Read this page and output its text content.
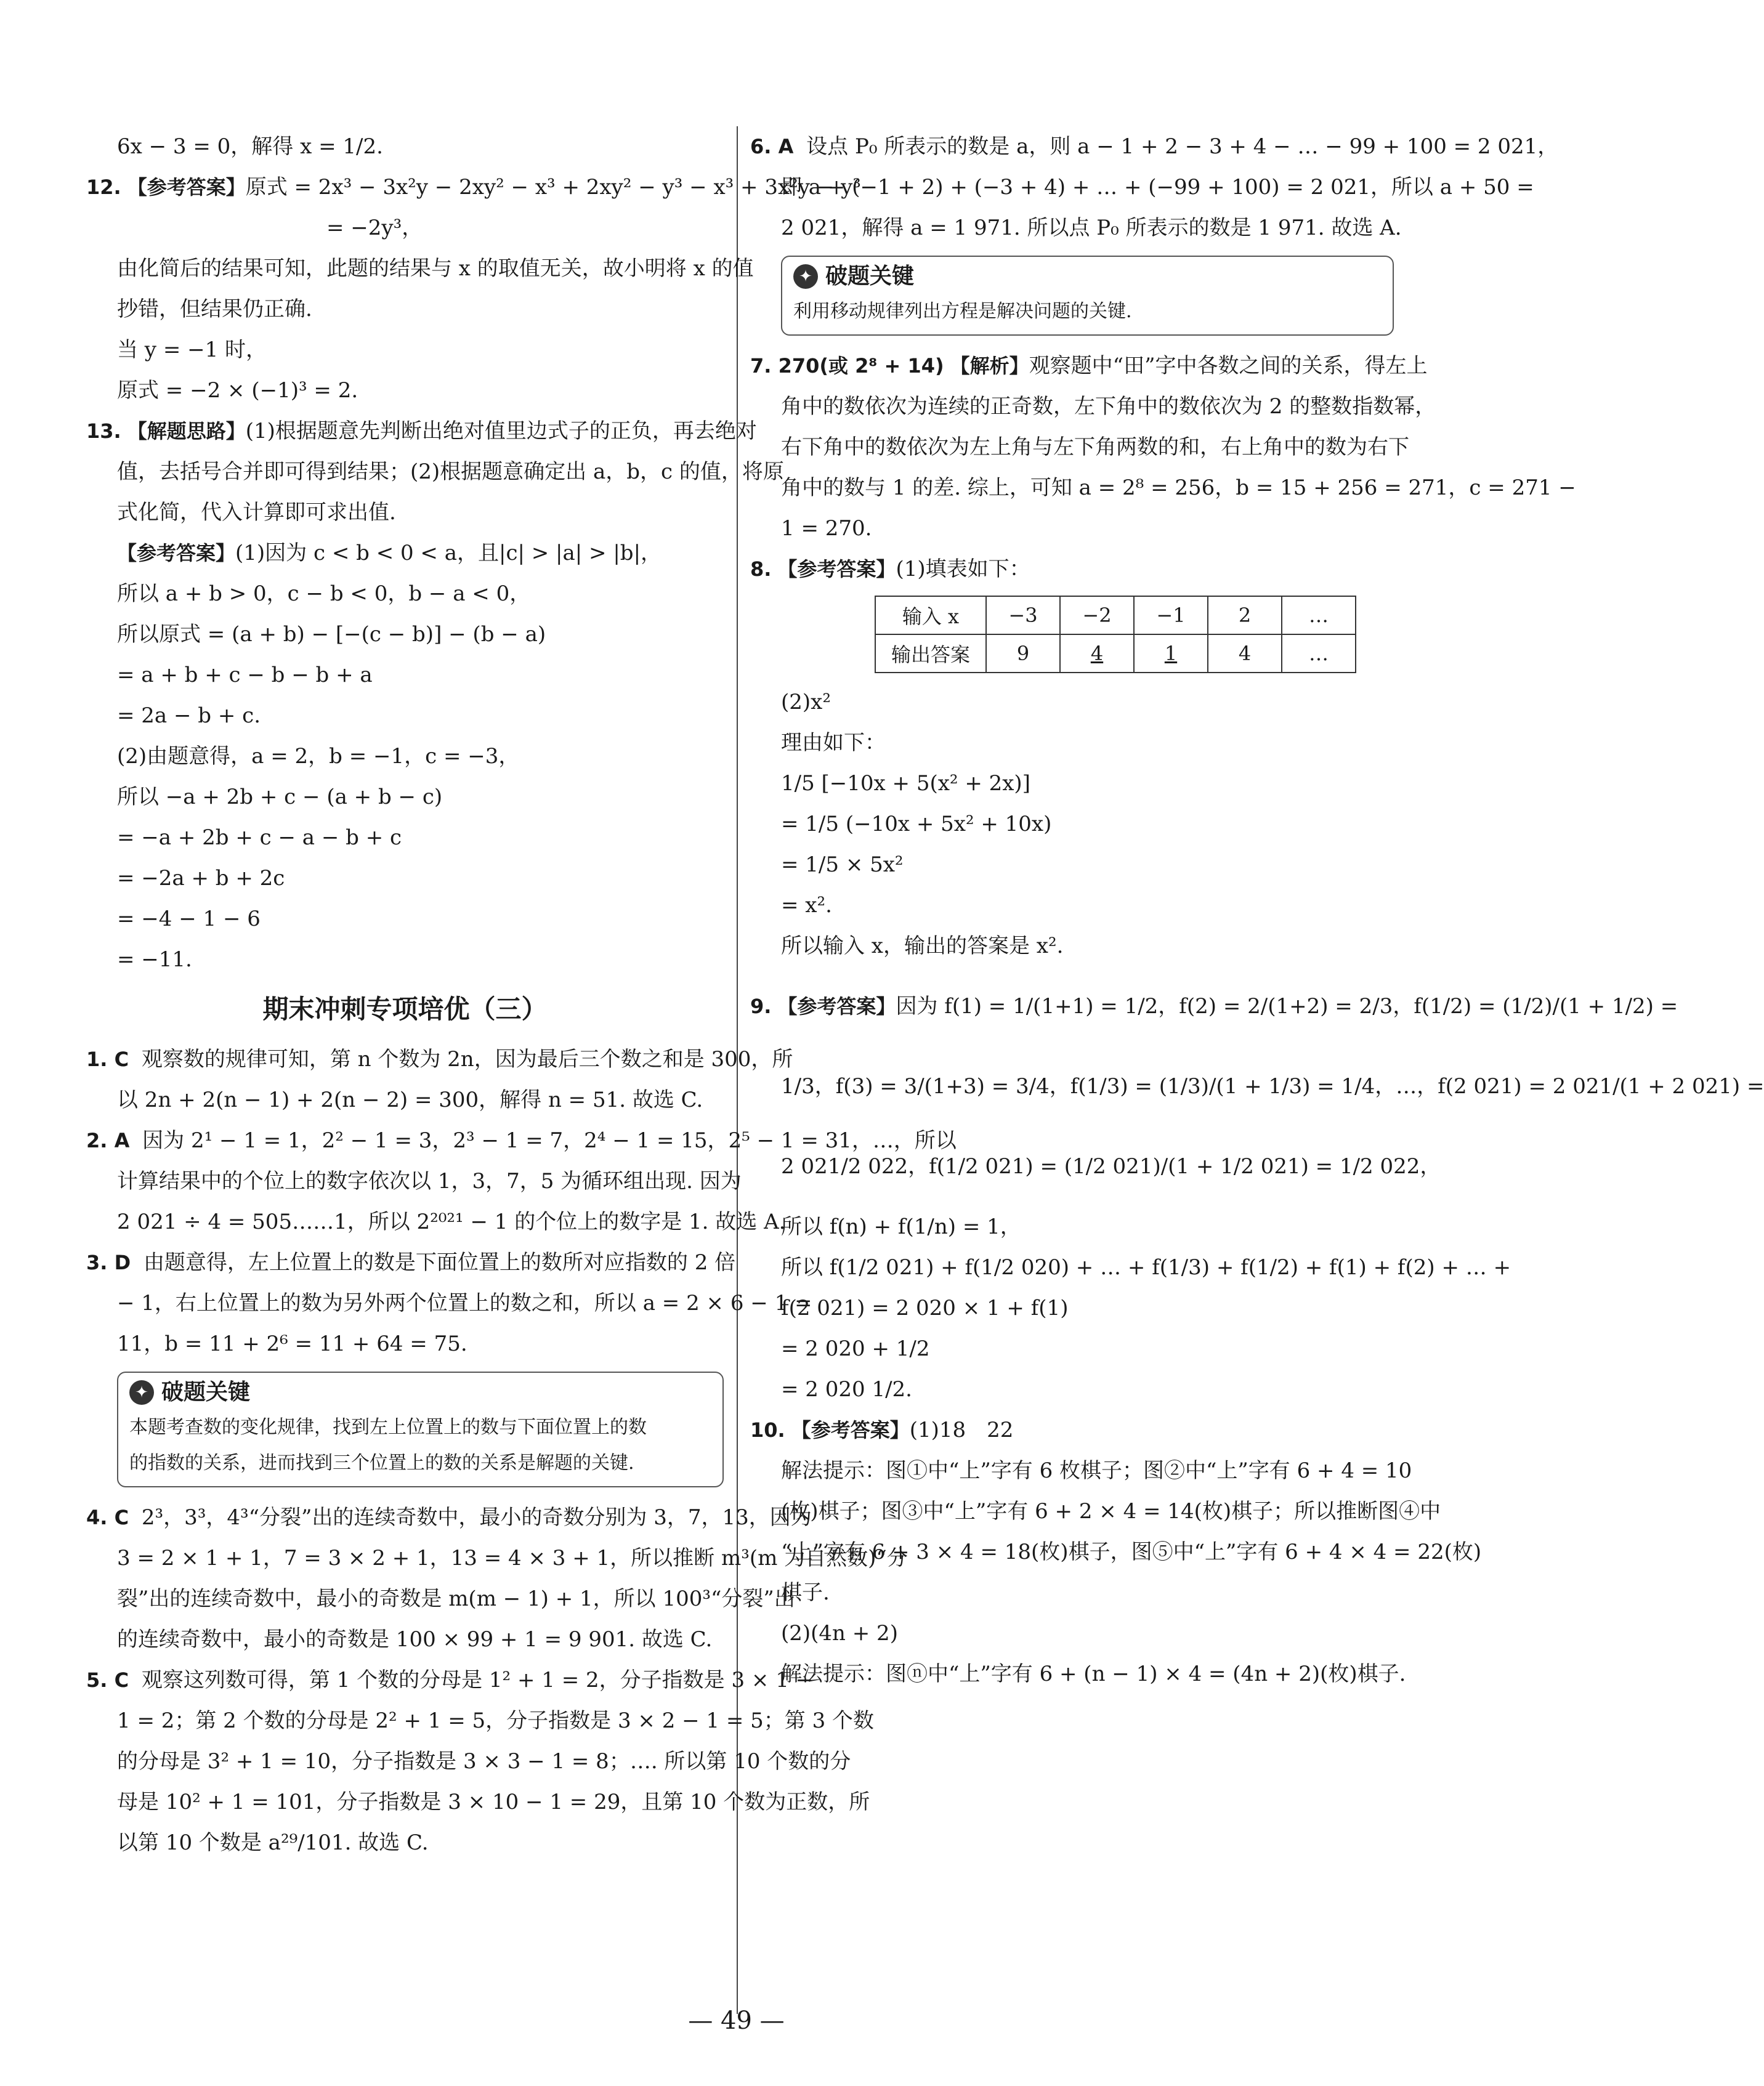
6x − 3 = 0，解得 x = 1/2.
12. 【参考答案】原式 = 2x³ − 3x²y − 2xy² − x³ + 2xy² − y³ − x³ + 3x²y − y³
= −2y³，
由化简后的结果可知，此题的结果与 x 的取值无关，故小明将 x 的值
抄错，但结果仍正确.
当 y = −1 时，
原式 = −2 × (−1)³ = 2.
13. 【解题思路】(1)根据题意先判断出绝对值里边式子的正负，再去绝对
值，去括号合并即可得到结果；(2)根据题意确定出 a，b，c 的值，将原
式化简，代入计算即可求出值.
【参考答案】(1)因为 c < b < 0 < a，且|c| > |a| > |b|，
所以 a + b > 0，c − b < 0，b − a < 0，
所以原式 = (a + b) − [−(c − b)] − (b − a)
= a + b + c − b − b + a
= 2a − b + c.
(2)由题意得，a = 2，b = −1，c = −3，
所以 −a + 2b + c − (a + b − c)
= −a + 2b + c − a − b + c
= −2a + b + 2c
= −4 − 1 − 6
= −11.
期末冲刺专项培优（三）
1. C 观察数的规律可知，第 n 个数为 2n，因为最后三个数之和是 300，所
以 2n + 2(n − 1) + 2(n − 2) = 300，解得 n = 51. 故选 C.
2. A 因为 2¹ − 1 = 1，2² − 1 = 3，2³ − 1 = 7，2⁴ − 1 = 15，2⁵ − 1 = 31，…，所以
计算结果中的个位上的数字依次以 1，3，7，5 为循环组出现. 因为
2 021 ÷ 4 = 505……1，所以 2²⁰²¹ − 1 的个位上的数字是 1. 故选 A.
3. D 由题意得，左上位置上的数是下面位置上的数所对应指数的 2 倍
− 1，右上位置上的数为另外两个位置上的数之和，所以 a = 2 × 6 − 1 =
11，b = 11 + 2⁶ = 11 + 64 = 75.
✦ 破题关键
本题考查数的变化规律，找到左上位置上的数与下面位置上的数
的指数的关系，进而找到三个位置上的数的关系是解题的关键.
4. C 2³，3³，4³“分裂”出的连续奇数中，最小的奇数分别为 3，7，13，因为
3 = 2 × 1 + 1，7 = 3 × 2 + 1，13 = 4 × 3 + 1，所以推断 m³(m 为自然数)“分
裂”出的连续奇数中，最小的奇数是 m(m − 1) + 1，所以 100³“分裂”出
的连续奇数中，最小的奇数是 100 × 99 + 1 = 9 901. 故选 C.
5. C 观察这列数可得，第 1 个数的分母是 1² + 1 = 2，分子指数是 3 × 1 −
1 = 2；第 2 个数的分母是 2² + 1 = 5，分子指数是 3 × 2 − 1 = 5；第 3 个数
的分母是 3² + 1 = 10，分子指数是 3 × 3 − 1 = 8；…. 所以第 10 个数的分
母是 10² + 1 = 101，分子指数是 3 × 10 − 1 = 29，且第 10 个数为正数，所
以第 10 个数是 a²⁹/101. 故选 C.
6. A 设点 P₀ 所表示的数是 a，则 a − 1 + 2 − 3 + 4 − … − 99 + 100 = 2 021，
即 a + (−1 + 2) + (−3 + 4) + … + (−99 + 100) = 2 021，所以 a + 50 =
2 021，解得 a = 1 971. 所以点 P₀ 所表示的数是 1 971. 故选 A.
✦ 破题关键
利用移动规律列出方程是解决问题的关键.
7. 270(或 2⁸ + 14) 【解析】观察题中“田”字中各数之间的关系，得左上
角中的数依次为连续的正奇数，左下角中的数依次为 2 的整数指数幂，
右下角中的数依次为左上角与左下角两数的和，右上角中的数为右下
角中的数与 1 的差. 综上，可知 a = 2⁸ = 256，b = 15 + 256 = 271，c = 271 −
1 = 270.
8. 【参考答案】(1)填表如下：
输入 x	−3	−2	−1	2	…
输出答案	9	4	1	4	…
(2)x²
理由如下：
1/5 [−10x + 5(x² + 2x)]
= 1/5 (−10x + 5x² + 10x)
= 1/5 × 5x²
= x².
所以输入 x，输出的答案是 x².
9. 【参考答案】因为 f(1) = 1/(1+1) = 1/2，f(2) = 2/(1+2) = 2/3，f(1/2) = (1/2)/(1 + 1/2) =
1/3，f(3) = 3/(1+3) = 3/4，f(1/3) = (1/3)/(1 + 1/3) = 1/4，…，f(2 021) = 2 021/(1 + 2 021) =
2 021/2 022，f(1/2 021) = (1/2 021)/(1 + 1/2 021) = 1/2 022，
所以 f(n) + f(1/n) = 1，
所以 f(1/2 021) + f(1/2 020) + … + f(1/3) + f(1/2) + f(1) + f(2) + … +
f(2 021) = 2 020 × 1 + f(1)
= 2 020 + 1/2
= 2 020 1/2.
10. 【参考答案】(1)18　22
解法提示：图①中“上”字有 6 枚棋子；图②中“上”字有 6 + 4 = 10
(枚)棋子；图③中“上”字有 6 + 2 × 4 = 14(枚)棋子；所以推断图④中
“上”字有 6 + 3 × 4 = 18(枚)棋子，图⑤中“上”字有 6 + 4 × 4 = 22(枚)
棋子.
(2)(4n + 2)
解法提示：图ⓝ中“上”字有 6 + (n − 1) × 4 = (4n + 2)(枚)棋子.
— 49 —
